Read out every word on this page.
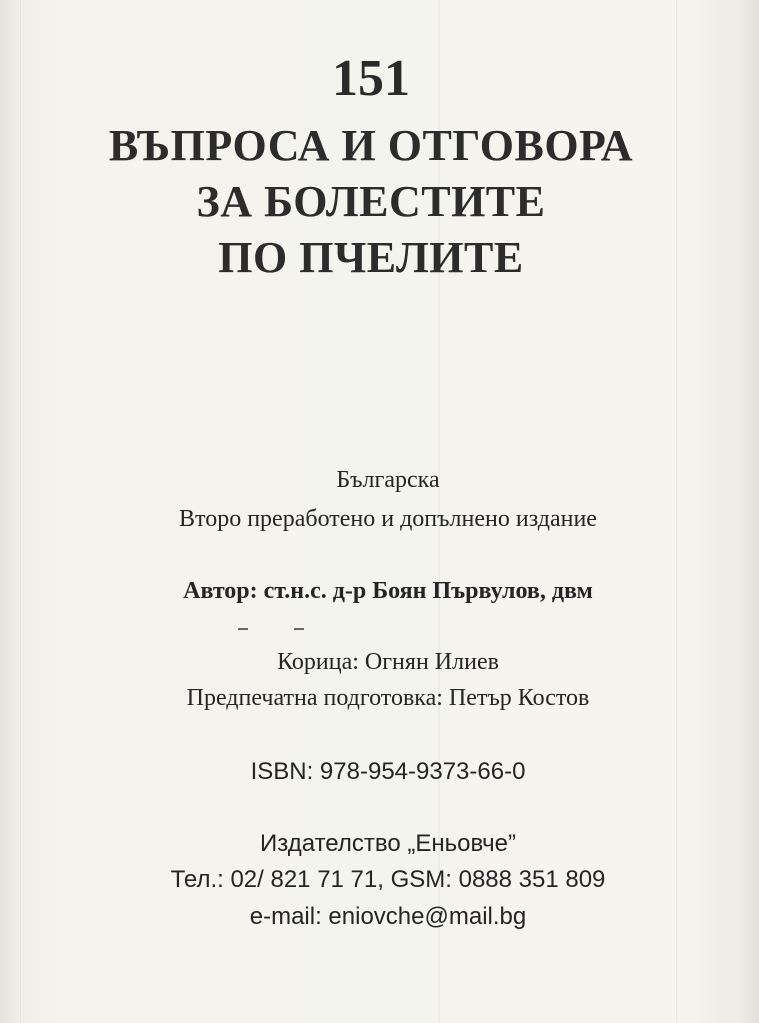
151
ВЪПРОСА И ОТГОВОРА
ЗА БОЛЕСТИТЕ
ПО ПЧЕЛИТЕ
Българска
Второ преработено и допълнено издание
Автор: ст.н.с. д-р Боян Първулов, двм
Корица: Огнян Илиев
Предпечатна подготовка: Петър Костов
ISBN: 978-954-9373-66-0
Издателство „Еньовче”
Тел.: 02/ 821 71 71, GSM: 0888 351 809
e-mail: eniovche@mail.bg
